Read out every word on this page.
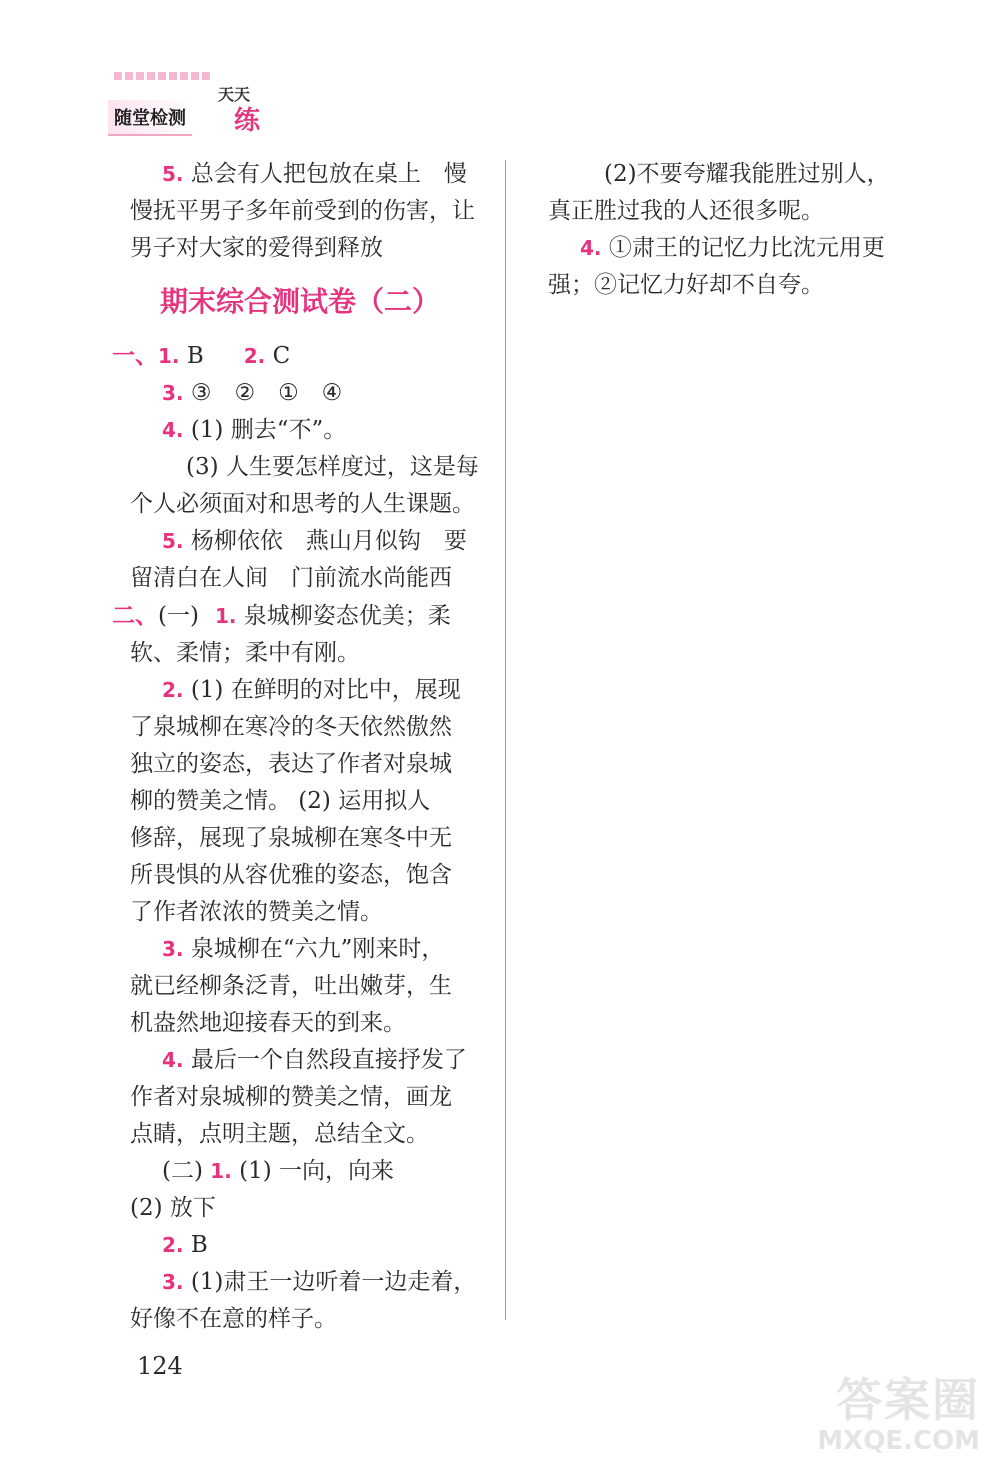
随堂检测
天天
练
5. 总会有人把包放在桌上　慢
慢抚平男子多年前受到的伤害，让
男子对大家的爱得到释放
期末综合测试卷（二）
一、1. B 2. C
3. ③　②　①　④
4. (1) 删去“不”。
(3) 人生要怎样度过，这是每
个人必须面对和思考的人生课题。
5. 杨柳依依　燕山月似钩　要
留清白在人间　门前流水尚能西
二、(一) 1. 泉城柳姿态优美；柔
软、柔情；柔中有刚。
2. (1) 在鲜明的对比中，展现
了泉城柳在寒冷的冬天依然傲然
独立的姿态，表达了作者对泉城
柳的赞美之情。 (2) 运用拟人
修辞，展现了泉城柳在寒冬中无
所畏惧的从容优雅的姿态，饱含
了作者浓浓的赞美之情。
3. 泉城柳在“六九”刚来时，
就已经柳条泛青，吐出嫩芽，生
机盎然地迎接春天的到来。
4. 最后一个自然段直接抒发了
作者对泉城柳的赞美之情，画龙
点睛，点明主题，总结全文。
(二) 1. (1) 一向，向来
(2) 放下
2. B
3. (1)肃王一边听着一边走着，
好像不在意的样子。
(2)不要夸耀我能胜过别人，
真正胜过我的人还很多呢。
4. ①肃王的记忆力比沈元用更
强；②记忆力好却不自夸。
124
答案圈
MXQE.COM
